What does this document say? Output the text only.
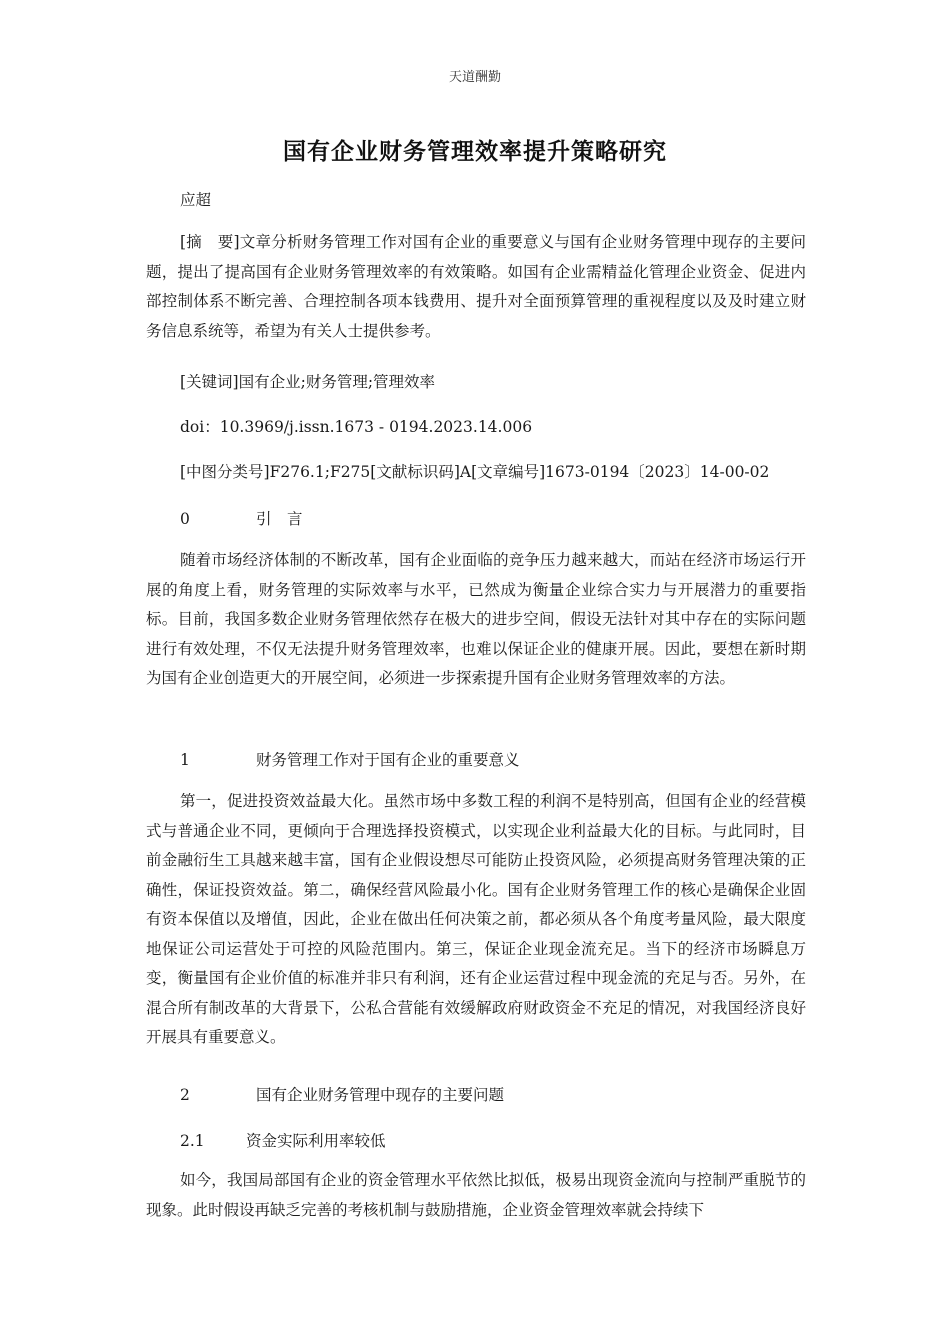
天道酬勤
国有企业财务管理效率提升策略研究
应超

[摘　要]文章分析财务管理工作对国有企业的重要意义与国有企业财务管理中现存的主要问题，提出了提高国有企业财务管理效率的有效策略。如国有企业需精益化管理企业资金、促进内部控制体系不断完善、合理控制各项本钱费用、提升对全面预算管理的重视程度以及及时建立财务信息系统等，希望为有关人士提供参考。

[关键词]国有企业;财务管理;管理效率
doi：10.3969/j.issn.1673 - 0194.2023.14.006
[中图分类号]F276.1;F275[文献标识码]A[文章编号]1673-0194〔2023〕14-00-02
0	引　言

随着市场经济体制的不断改革，国有企业面临的竞争压力越来越大，而站在经济市场运行开展的角度上看，财务管理的实际效率与水平，已然成为衡量企业综合实力与开展潜力的重要指标。目前，我国多数企业财务管理依然存在极大的进步空间，假设无法针对其中存在的实际问题进行有效处理，不仅无法提升财务管理效率，也难以保证企业的健康开展。因此，要想在新时期为国有企业创造更大的开展空间，必须进一步探索提升国有企业财务管理效率的方法。

1	财务管理工作对于国有企业的重要意义

第一，促进投资效益最大化。虽然市场中多数工程的利润不是特别高，但国有企业的经营模式与普通企业不同，更倾向于合理选择投资模式，以实现企业利益最大化的目标。与此同时，目前金融衍生工具越来越丰富，国有企业假设想尽可能防止投资风险，必须提高财务管理决策的正确性，保证投资效益。第二，确保经营风险最小化。国有企业财务管理工作的核心是确保企业固有资本保值以及增值，因此，企业在做出任何决策之前，都必须从各个角度考量风险，最大限度地保证公司运营处于可控的风险范围内。第三，保证企业现金流充足。当下的经济市场瞬息万变，衡量国有企业价值的标准并非只有利润，还有企业运营过程中现金流的充足与否。另外，在混合所有制改革的大背景下，公私合营能有效缓解政府财政资金不充足的情况，对我国经济良好开展具有重要意义。

2	国有企业财务管理中现存的主要问题
2.1	资金实际利用率较低

如今，我国局部国有企业的资金管理水平依然比拟低，极易出现资金流向与控制严重脱节的现象。此时假设再缺乏完善的考核机制与鼓励措施，企业资金管理效率就会持续下
